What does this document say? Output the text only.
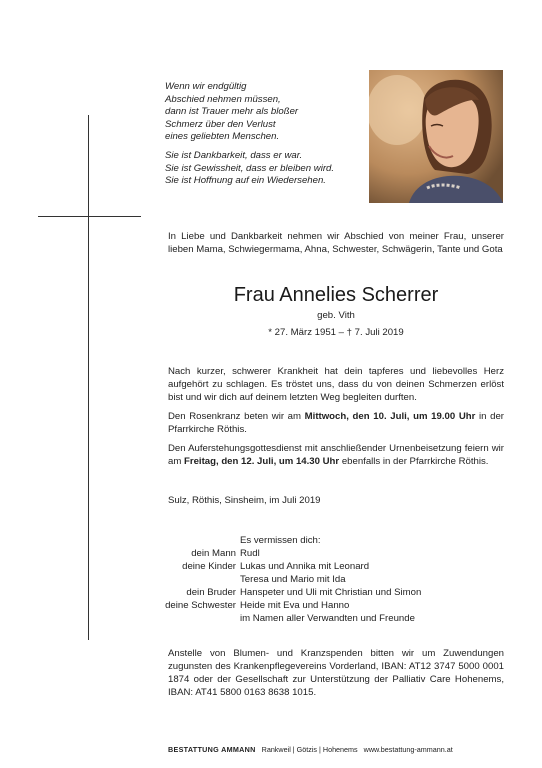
Wenn wir endgültig
Abschied nehmen müssen,
dann ist Trauer mehr als bloßer
Schmerz über den Verlust
eines geliebten Menschen.

Sie ist Dankbarkeit, dass er war.
Sie ist Gewissheit, dass er bleiben wird.
Sie ist Hoffnung auf ein Wiedersehen.

In Liebe und Dankbarkeit nehmen wir Abschied von meiner Frau, unserer lieben Mama, Schwiegermama, Ahna, Schwester, Schwägerin, Tante und Gota
Frau Annelies Scherrer
geb. Vith
* 27. März 1951 – † 7. Juli 2019

Nach kurzer, schwerer Krankheit hat dein tapferes und liebevolles Herz aufgehört zu schlagen. Es tröstet uns, dass du von deinen Schmerzen erlöst bist und wir dich auf deinem letzten Weg begleiten durften.

Den Rosenkranz beten wir am Mittwoch, den 10. Juli, um 19.00 Uhr in der Pfarrkirche Röthis.

Den Auferstehungsgottesdienst mit anschließender Urnenbeisetzung feiern wir am Freitag, den 12. Juli, um 14.30 Uhr ebenfalls in der Pfarrkirche Röthis.

Sulz, Röthis, Sinsheim, im Juli 2019
Es vermissen dich:
dein Mann Rudl
deine Kinder Lukas und Annika mit Leonard
Teresa und Mario mit Ida
dein Bruder Hanspeter und Uli mit Christian und Simon
deine Schwester Heide mit Eva und Hanno
im Namen aller Verwandten und Freunde
Anstelle von Blumen- und Kranzspenden bitten wir um Zuwendungen zugunsten des Krankenpflegevereins Vorderland, IBAN: AT12 3747 5000 0001 1874 oder der Gesellschaft zur Unterstützung der Palliativ Care Hohenems, IBAN: AT41 5800 0163 8638 1015.
BESTATTUNG AMMANN Rankweil | Götzis | Hohenems www.bestattung-ammann.at
